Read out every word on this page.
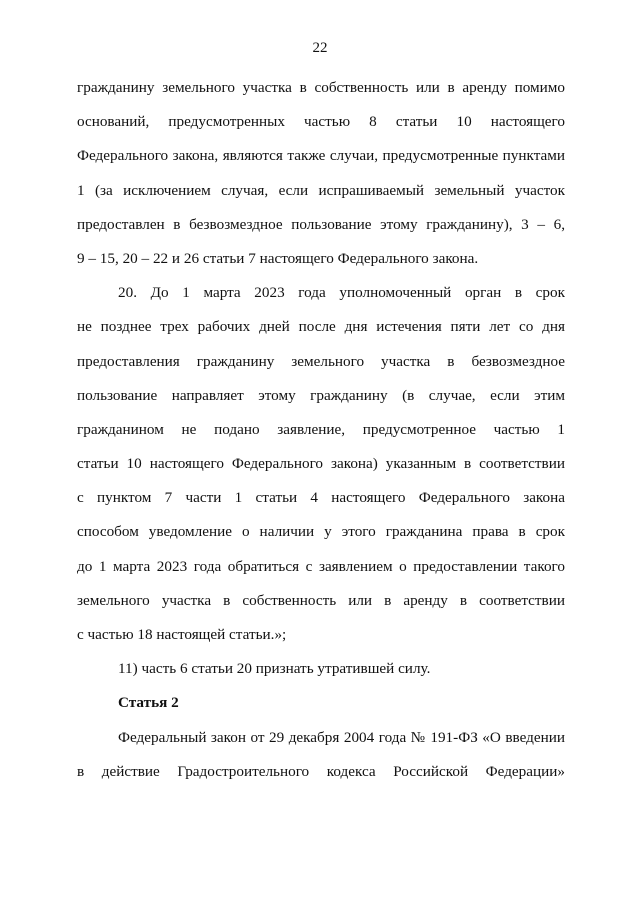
22
гражданину земельного участка в собственность или в аренду помимо
оснований, предусмотренных частью 8 статьи 10 настоящего
Федерального закона, являются также случаи, предусмотренные пунктами
1 (за исключением случая, если испрашиваемый земельный участок
предоставлен в безвозмездное пользование этому гражданину), 3 – 6,
9 – 15, 20 – 22 и 26 статьи 7 настоящего Федерального закона.
20. До 1 марта 2023 года уполномоченный орган в срок
не позднее трех рабочих дней после дня истечения пяти лет со дня
предоставления гражданину земельного участка в безвозмездное
пользование направляет этому гражданину (в случае, если этим
гражданином не подано заявление, предусмотренное частью 1
статьи 10 настоящего Федерального закона) указанным в соответствии
с пунктом 7 части 1 статьи 4 настоящего Федерального закона
способом уведомление о наличии у этого гражданина права в срок
до 1 марта 2023 года обратиться с заявлением о предоставлении такого
земельного участка в собственность или в аренду в соответствии
с частью 18 настоящей статьи.»;
11) часть 6 статьи 20 признать утратившей силу.
Статья 2
Федеральный закон от 29 декабря 2004 года № 191-ФЗ «О введении
в действие Градостроительного кодекса Российской Федерации»
